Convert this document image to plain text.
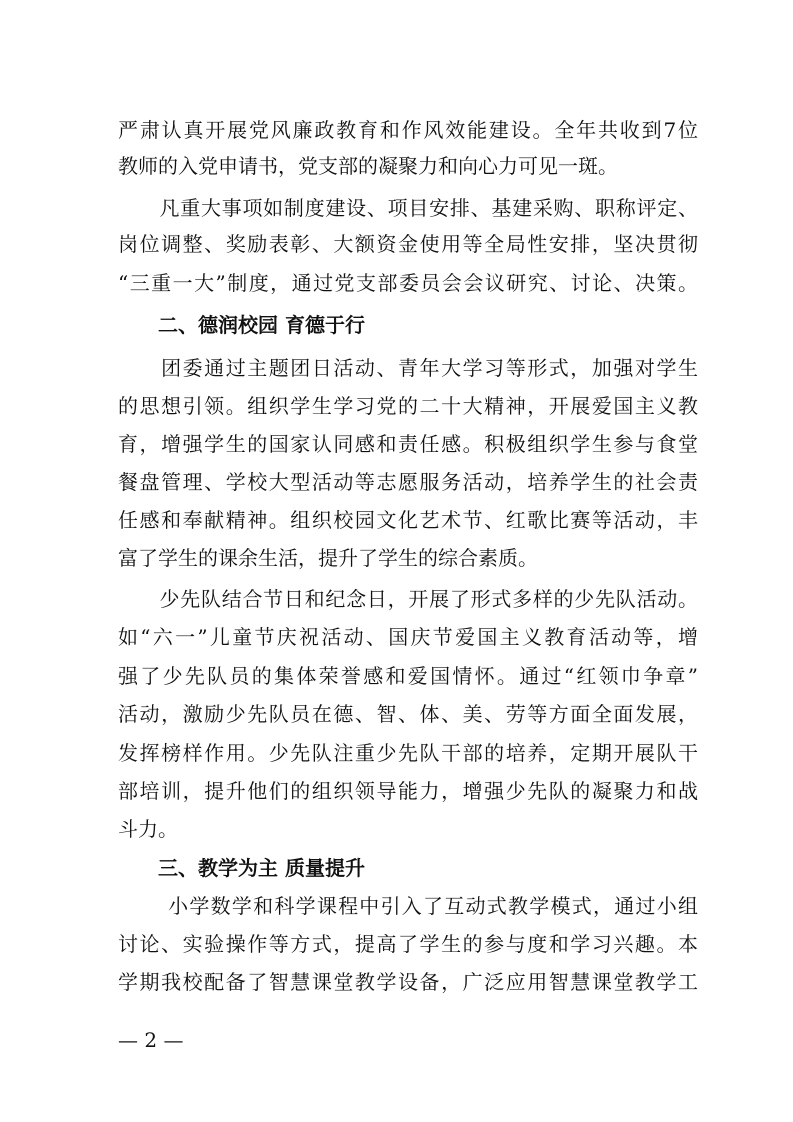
严肃认真开展党风廉政教育和作风效能建设。全年共收到7位
教师的入党申请书，党支部的凝聚力和向心力可见一斑。
　　凡重大事项如制度建设、项目安排、基建采购、职称评定、
岗位调整、奖励表彰、大额资金使用等全局性安排，坚决贯彻
“三重一大”制度，通过党支部委员会会议研究、讨论、决策。
　　二、德润校园 育德于行
　　团委通过主题团日活动、青年大学习等形式，加强对学生
的思想引领。组织学生学习党的二十大精神，开展爱国主义教
育，增强学生的国家认同感和责任感。积极组织学生参与食堂
餐盘管理、学校大型活动等志愿服务活动，培养学生的社会责
任感和奉献精神。组织校园文化艺术节、红歌比赛等活动，丰
富了学生的课余生活，提升了学生的综合素质。
　　少先队结合节日和纪念日，开展了形式多样的少先队活动。
如“六一”儿童节庆祝活动、国庆节爱国主义教育活动等，增
强了少先队员的集体荣誉感和爱国情怀。通过“红领巾争章”
活动，激励少先队员在德、智、体、美、劳等方面全面发展，
发挥榜样作用。少先队注重少先队干部的培养，定期开展队干
部培训，提升他们的组织领导能力，增强少先队的凝聚力和战
斗力。
　　三、教学为主 质量提升
　　 小学数学和科学课程中引入了互动式教学模式，通过小组
讨论、实验操作等方式，提高了学生的参与度和学习兴趣。本
学期我校配备了智慧课堂教学设备，广泛应用智慧课堂教学工
— 2 —
